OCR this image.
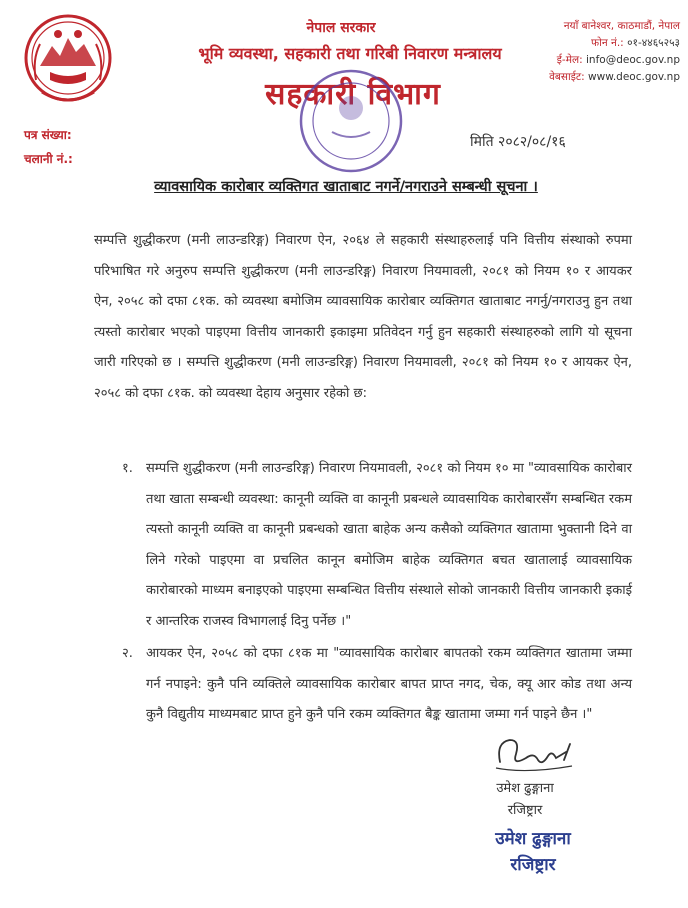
नेपाल सरकार
भूमि व्यवस्था, सहकारी तथा गरिबी निवारण मन्त्रालय
सहकारी विभाग
नयाँ बानेश्वर, काठमाडौं, नेपाल
फोन नं.: ०१-४४६५२५३
ई-मेल: info@deoc.gov.np
वेबसाईट: www.deoc.gov.np
पत्र संख्या:
चलानी नं.:
मिति २०८२/०८/१६
व्यावसायिक कारोबार व्यक्तिगत खाताबाट नगर्ने/नगराउने सम्बन्धी सूचना ।
सम्पत्ति शुद्धीकरण (मनी लाउन्डरिङ्ग) निवारण ऐन, २०६४ ले सहकारी संस्थाहरुलाई पनि वित्तीय संस्थाको रुपमा परिभाषित गरे अनुरुप सम्पत्ति शुद्धीकरण (मनी लाउन्डरिङ्ग) निवारण नियमावली, २०८१ को नियम १० र आयकर ऐन, २०५८ को दफा ८१क. को व्यवस्था बमोजिम व्यावसायिक कारोबार व्यक्तिगत खाताबाट नगर्नु/नगराउनु हुन तथा त्यस्तो कारोबार भएको पाइएमा वित्तीय जानकारी इकाइमा प्रतिवेदन गर्नु हुन सहकारी संस्थाहरुको लागि यो सूचना जारी गरिएको छ । सम्पत्ति शुद्धीकरण (मनी लाउन्डरिङ्ग) निवारण नियमावली, २०८१ को नियम १० र आयकर ऐन, २०५८ को दफा ८१क. को व्यवस्था देहाय अनुसार रहेको छ:
१.	सम्पत्ति शुद्धीकरण (मनी लाउन्डरिङ्ग) निवारण नियमावली, २०८१ को नियम १० मा "व्यावसायिक कारोबार तथा खाता सम्बन्धी व्यवस्था: कानूनी व्यक्ति वा कानूनी प्रबन्धले व्यावसायिक कारोबारसँग सम्बन्धित रकम त्यस्तो कानूनी व्यक्ति वा कानूनी प्रबन्धको खाता बाहेक अन्य कसैको व्यक्तिगत खातामा भुक्तानी दिने वा लिने गरेको पाइएमा वा प्रचलित कानून बमोजिम बाहेक व्यक्तिगत बचत खातालाई व्यावसायिक कारोबारको माध्यम बनाइएको पाइएमा सम्बन्धित वित्तीय संस्थाले सोको जानकारी वित्तीय जानकारी इकाई र आन्तरिक राजस्व विभागलाई दिनु पर्नेछ ।"
२.	आयकर ऐन, २०५८ को दफा ८१क मा "व्यावसायिक कारोबार बापतको रकम व्यक्तिगत खातामा जम्मा गर्न नपाइने: कुनै पनि व्यक्तिले व्यावसायिक कारोबार बापत प्राप्त नगद, चेक, क्यू आर कोड तथा अन्य कुनै विद्युतीय माध्यमबाट प्राप्त हुने कुनै पनि रकम व्यक्तिगत बैङ्क खातामा जम्मा गर्न पाइने छैन ।"
उमेश ढुङ्गाना
रजिष्ट्रार
उमेश ढुङ्गाना
रजिष्ट्रार
